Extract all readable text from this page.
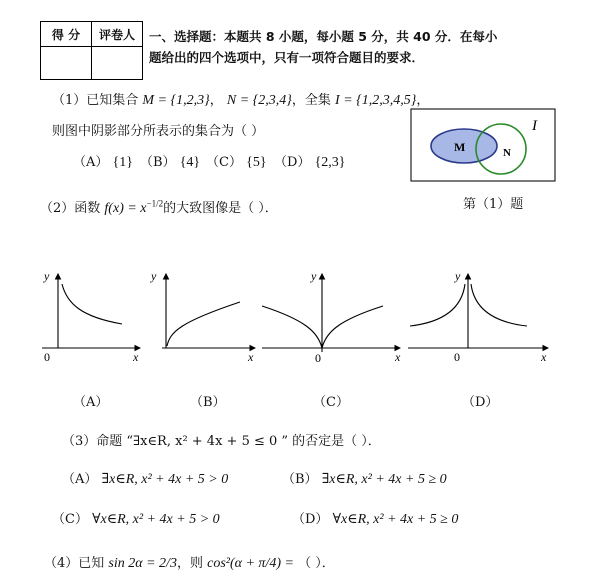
得 分	评卷人
	一、选择题：本题共 8 小题，每小题 5 分，共 40 分．在每小
题给出的四个选项中，只有一项符合题目的要求．
（1）已知集合 M = {1,2,3}， N = {2,3,4}，全集 I = {1,2,3,4,5}，
则图中阴影部分所表示的集合为（ ）
（A） {1} （B） {4} （C） {5} （D） {2,3}
M	N
I
第（1）题
（2）函数 $f(x) = x^{-1/2}$的大致图像是（ ）．
y
x
0
y
x
y
x
0
y
x
0
（A）	（B）	（C）	（D）
（3）命题 “∃x∈R, x² + 4x + 5 ≤ 0 ” 的否定是（ ）．
（A） ∃x∈R, x² + 4x + 5 > 0	（B） ∃x∈R, x² + 4x + 5 ≥ 0
（C） ∀x∈R, x² + 4x + 5 > 0	（D） ∀x∈R, x² + 4x + 5 ≥ 0
（4）已知 sin 2α = 2/3，则 cos²(α + π/4) = （ ）．
